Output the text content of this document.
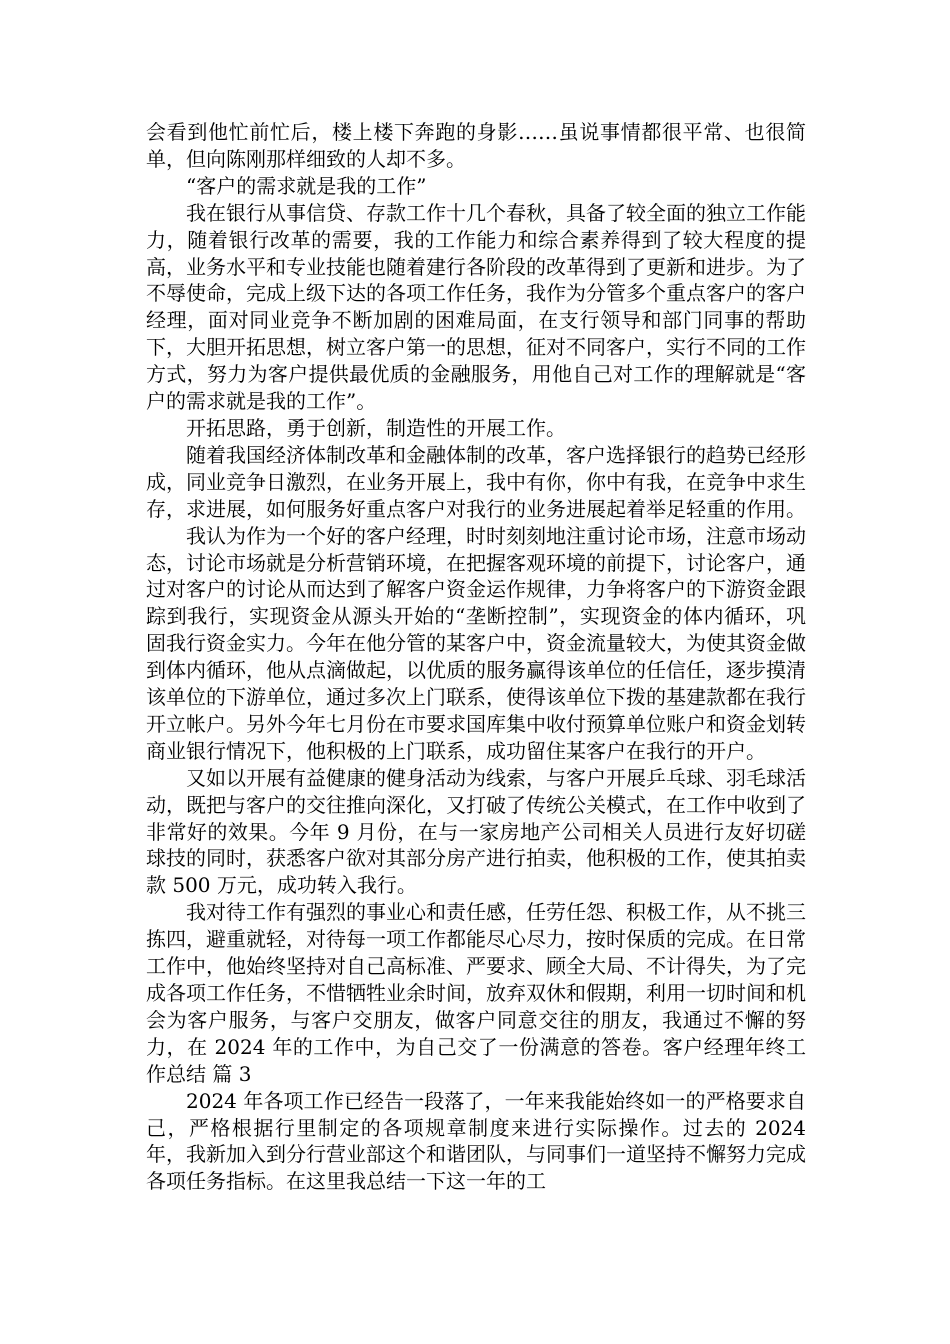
会看到他忙前忙后，楼上楼下奔跑的身影……虽说事情都很平常、也很简单，但向陈刚那样细致的人却不多。

“客户的需求就是我的工作”

我在银行从事信贷、存款工作十几个春秋，具备了较全面的独立工作能力，随着银行改革的需要，我的工作能力和综合素养得到了较大程度的提高，业务水平和专业技能也随着建行各阶段的改革得到了更新和进步。为了不辱使命，完成上级下达的各项工作任务，我作为分管多个重点客户的客户经理，面对同业竞争不断加剧的困难局面，在支行领导和部门同事的帮助下，大胆开拓思想，树立客户第一的思想，征对不同客户，实行不同的工作方式，努力为客户提供最优质的金融服务，用他自己对工作的理解就是“客户的需求就是我的工作”。

开拓思路，勇于创新，制造性的开展工作。

随着我国经济体制改革和金融体制的改革，客户选择银行的趋势已经形成，同业竞争日激烈，在业务开展上，我中有你，你中有我，在竞争中求生存，求进展，如何服务好重点客户对我行的业务进展起着举足轻重的作用。

我认为作为一个好的客户经理，时时刻刻地注重讨论市场，注意市场动态，讨论市场就是分析营销环境，在把握客观环境的前提下，讨论客户，通过对客户的讨论从而达到了解客户资金运作规律，力争将客户的下游资金跟踪到我行，实现资金从源头开始的“垄断控制”，实现资金的体内循环，巩固我行资金实力。今年在他分管的某客户中，资金流量较大，为使其资金做到体内循环，他从点滴做起，以优质的服务赢得该单位的任信任，逐步摸清该单位的下游单位，通过多次上门联系，使得该单位下拨的基建款都在我行开立帐户。另外今年七月份在市要求国库集中收付预算单位账户和资金划转商业银行情况下，他积极的上门联系，成功留住某客户在我行的开户。

又如以开展有益健康的健身活动为线索，与客户开展乒乓球、羽毛球活动，既把与客户的交往推向深化，又打破了传统公关模式，在工作中收到了非常好的效果。今年 9 月份，在与一家房地产公司相关人员进行友好切磋球技的同时，获悉客户欲对其部分房产进行拍卖，他积极的工作，使其拍卖款 500 万元，成功转入我行。

我对待工作有强烈的事业心和责任感，任劳任怨、积极工作，从不挑三拣四，避重就轻，对待每一项工作都能尽心尽力，按时保质的完成。在日常工作中，他始终坚持对自己高标准、严要求、顾全大局、不计得失，为了完成各项工作任务，不惜牺牲业余时间，放弃双休和假期，利用一切时间和机会为客户服务，与客户交朋友，做客户同意交往的朋友，我通过不懈的努力，在 2024 年的工作中，为自己交了一份满意的答卷。客户经理年终工作总结 篇 3

2024 年各项工作已经告一段落了，一年来我能始终如一的严格要求自己，严格根据行里制定的各项规章制度来进行实际操作。过去的 2024 年，我新加入到分行营业部这个和谐团队，与同事们一道坚持不懈努力完成各项任务指标。在这里我总结一下这一年的工
